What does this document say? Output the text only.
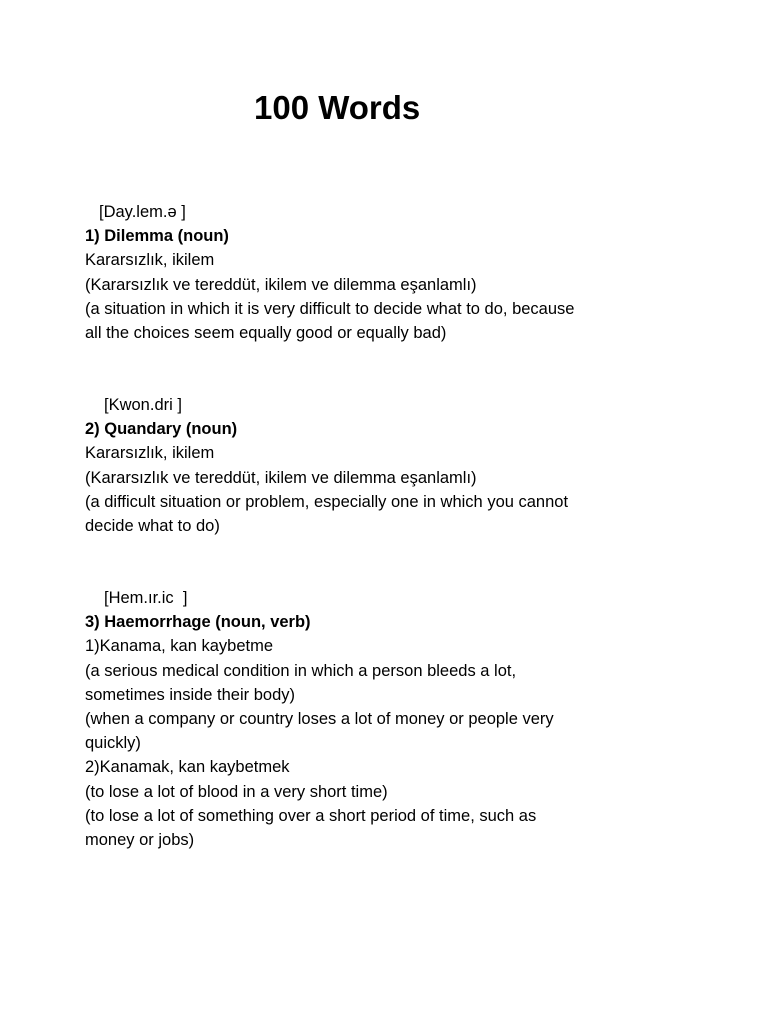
100 Words
[Day.lem.ə ]
1) Dilemma (noun)
Kararsızlık, ikilem
(Kararsızlık ve tereddüt, ikilem ve dilemma eşanlamlı)
(a situation in which it is very difficult to decide what to do, because
all the choices seem equally good or equally bad)
[Kwon.dri ]
2) Quandary (noun)
Kararsızlık, ikilem
(Kararsızlık ve tereddüt, ikilem ve dilemma eşanlamlı)
(a difficult situation or problem, especially one in which you cannot
decide what to do)
[Hem.ır.ic  ]
3) Haemorrhage (noun, verb)
1)Kanama, kan kaybetme
(a serious medical condition in which a person bleeds a lot,
sometimes inside their body)
(when a company or country loses a lot of money or people very
quickly)
2)Kanamak, kan kaybetmek
(to lose a lot of blood in a very short time)
(to lose a lot of something over a short period of time, such as
money or jobs)
